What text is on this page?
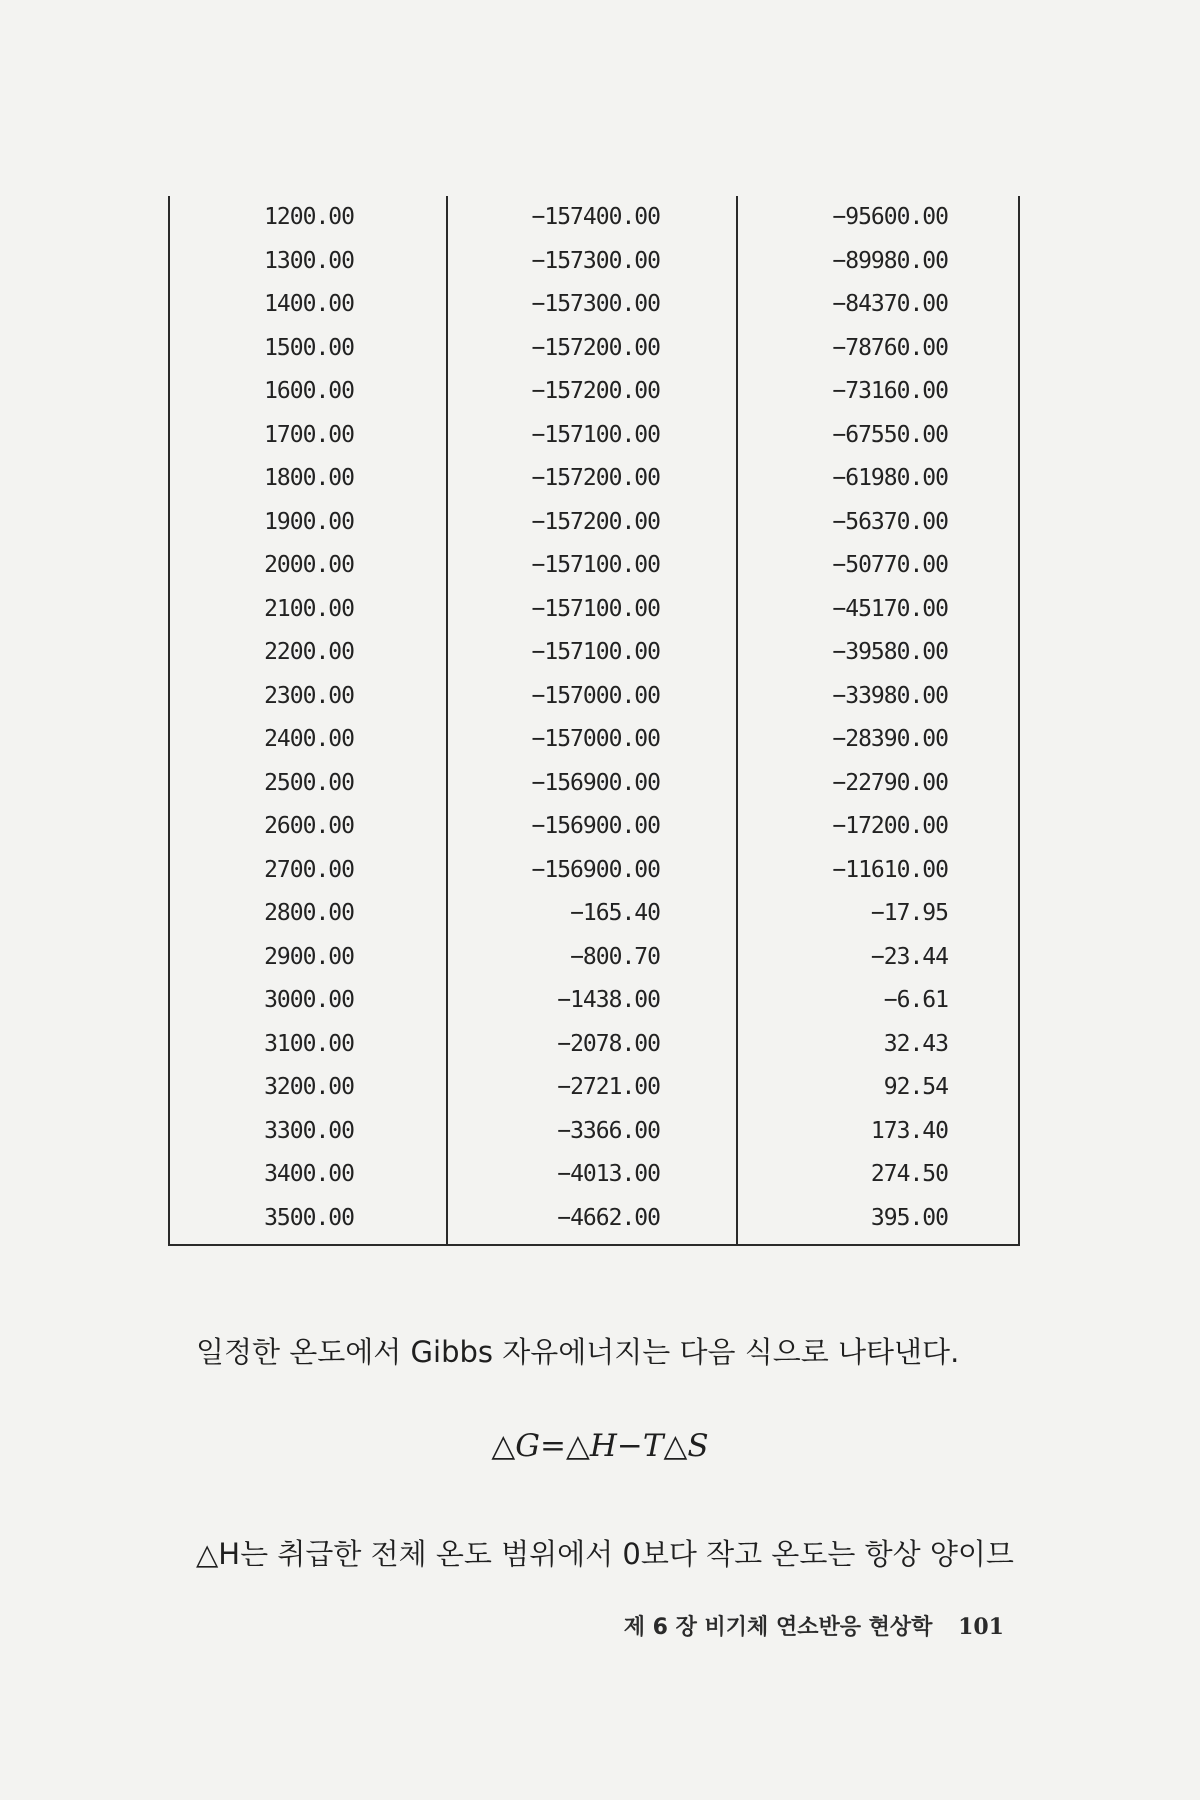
1200.00	−157400.00	−95600.00
1300.00	−157300.00	−89980.00
1400.00	−157300.00	−84370.00
1500.00	−157200.00	−78760.00
1600.00	−157200.00	−73160.00
1700.00	−157100.00	−67550.00
1800.00	−157200.00	−61980.00
1900.00	−157200.00	−56370.00
2000.00	−157100.00	−50770.00
2100.00	−157100.00	−45170.00
2200.00	−157100.00	−39580.00
2300.00	−157000.00	−33980.00
2400.00	−157000.00	−28390.00
2500.00	−156900.00	−22790.00
2600.00	−156900.00	−17200.00
2700.00	−156900.00	−11610.00
2800.00	−165.40	−17.95
2900.00	−800.70	−23.44
3000.00	−1438.00	−6.61
3100.00	−2078.00	32.43
3200.00	−2721.00	92.54
3300.00	−3366.00	173.40
3400.00	−4013.00	274.50
3500.00	−4662.00	395.00
일정한 온도에서 Gibbs 자유에너지는 다음 식으로 나타낸다.
△G=△H−T△S
△H는 취급한 전체 온도 범위에서 0보다 작고 온도는 항상 양이므
제 6 장 비기체 연소반응 현상학 101
